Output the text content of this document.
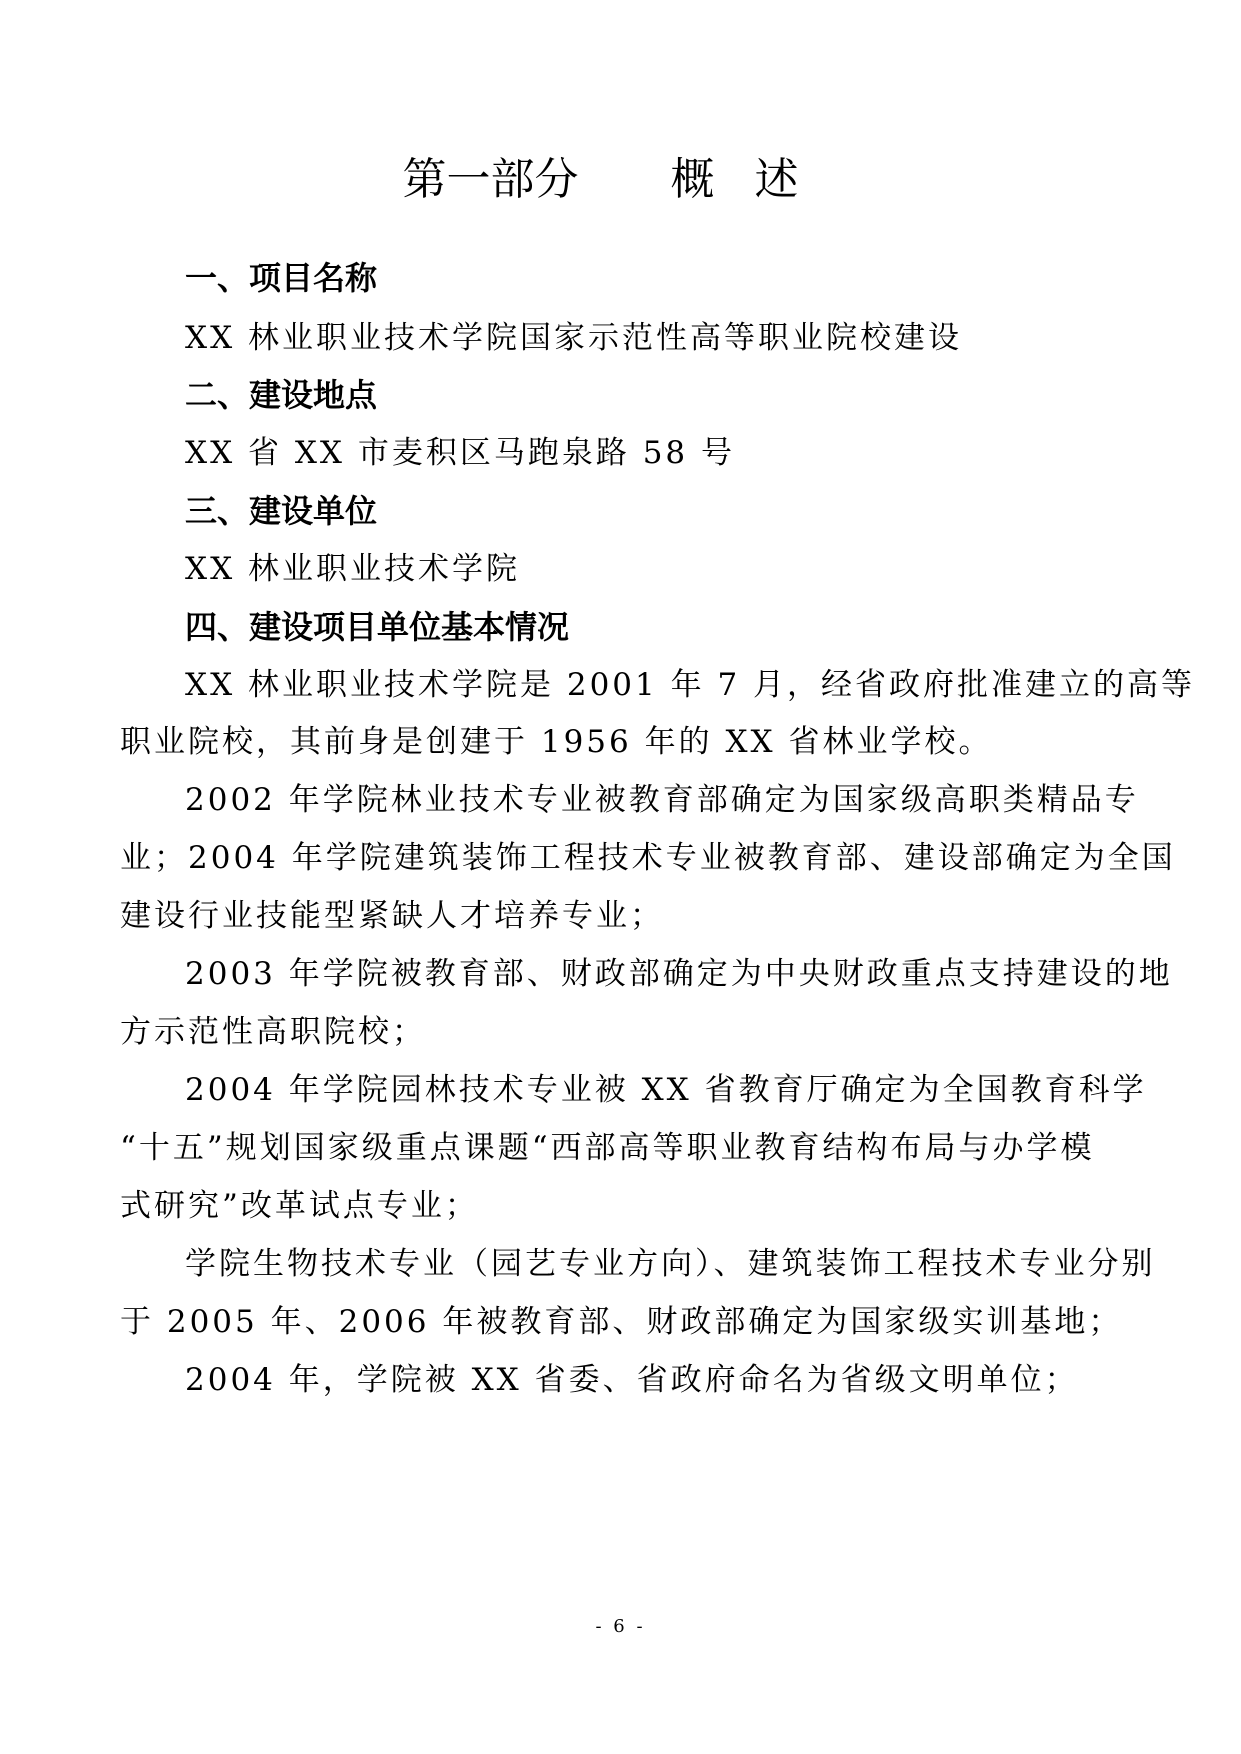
第一部分 概述
一、项目名称
XX 林业职业技术学院国家示范性高等职业院校建设
二、建设地点
XX 省 XX 市麦积区马跑泉路 58 号
三、建设单位
XX 林业职业技术学院
四、建设项目单位基本情况
XX 林业职业技术学院是 2001 年 7 月，经省政府批准建立的高等
职业院校，其前身是创建于 1956 年的 XX 省林业学校。
2002 年学院林业技术专业被教育部确定为国家级高职类精品专
业；2004 年学院建筑装饰工程技术专业被教育部、建设部确定为全国
建设行业技能型紧缺人才培养专业；
2003 年学院被教育部、财政部确定为中央财政重点支持建设的地
方示范性高职院校；
2004 年学院园林技术专业被 XX 省教育厅确定为全国教育科学
“十五”规划国家级重点课题“西部高等职业教育结构布局与办学模
式研究”改革试点专业；
学院生物技术专业（园艺专业方向）、建筑装饰工程技术专业分别
于 2005 年、2006 年被教育部、财政部确定为国家级实训基地；
2004 年，学院被 XX 省委、省政府命名为省级文明单位；
- 6 -
